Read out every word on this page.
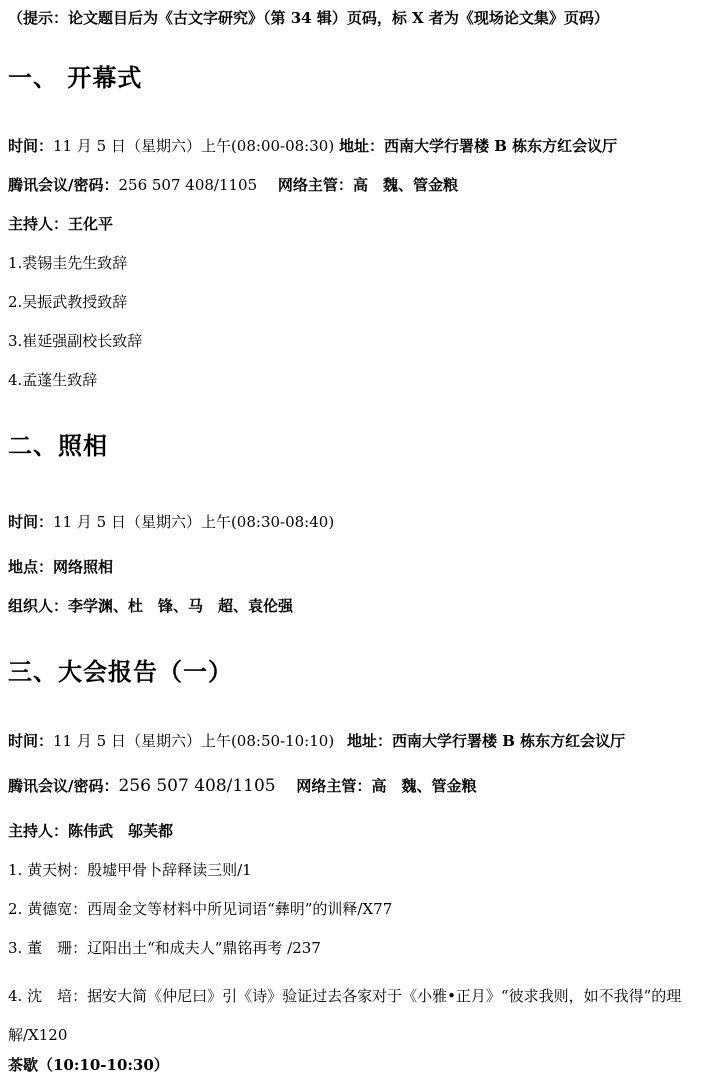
（提示：论文题目后为《古文字研究》（第 34 辑）页码，标 X 者为《现场论文集》页码）
一、 开幕式
时间：11 月 5 日（星期六）上午(08:00-08:30) 地址：西南大学行署楼 B 栋东方红会议厅
腾讯会议/密码：256 507 408/1105 网络主管：高　魏、管金粮
主持人：王化平
1.裘锡圭先生致辞
2.吴振武教授致辞
3.崔延强副校长致辞
4.孟蓬生致辞
二、照相
时间：11 月 5 日（星期六）上午(08:30-08:40)
地点：网络照相
组织人：李学渊、杜　锋、马　超、袁伦强
三、大会报告（一）
时间：11 月 5 日（星期六）上午(08:50-10:10) 地址：西南大学行署楼 B 栋东方红会议厅
腾讯会议/密码：256 507 408/1105 网络主管：高　魏、管金粮
主持人：陈伟武　邬芙都
1. 黄天树：殷墟甲骨卜辞释读三则/1
2. 黄德宽：西周金文等材料中所见词语“彝明”的训释/X77
3. 董　珊：辽阳出土“和成夫人”鼎铭再考 /237
4. 沈　培：据安大简《仲尼曰》引《诗》验证过去各家对于《小雅•正月》“彼求我则，如不我得”的理解/X120
茶歇（10:10-10:30）
